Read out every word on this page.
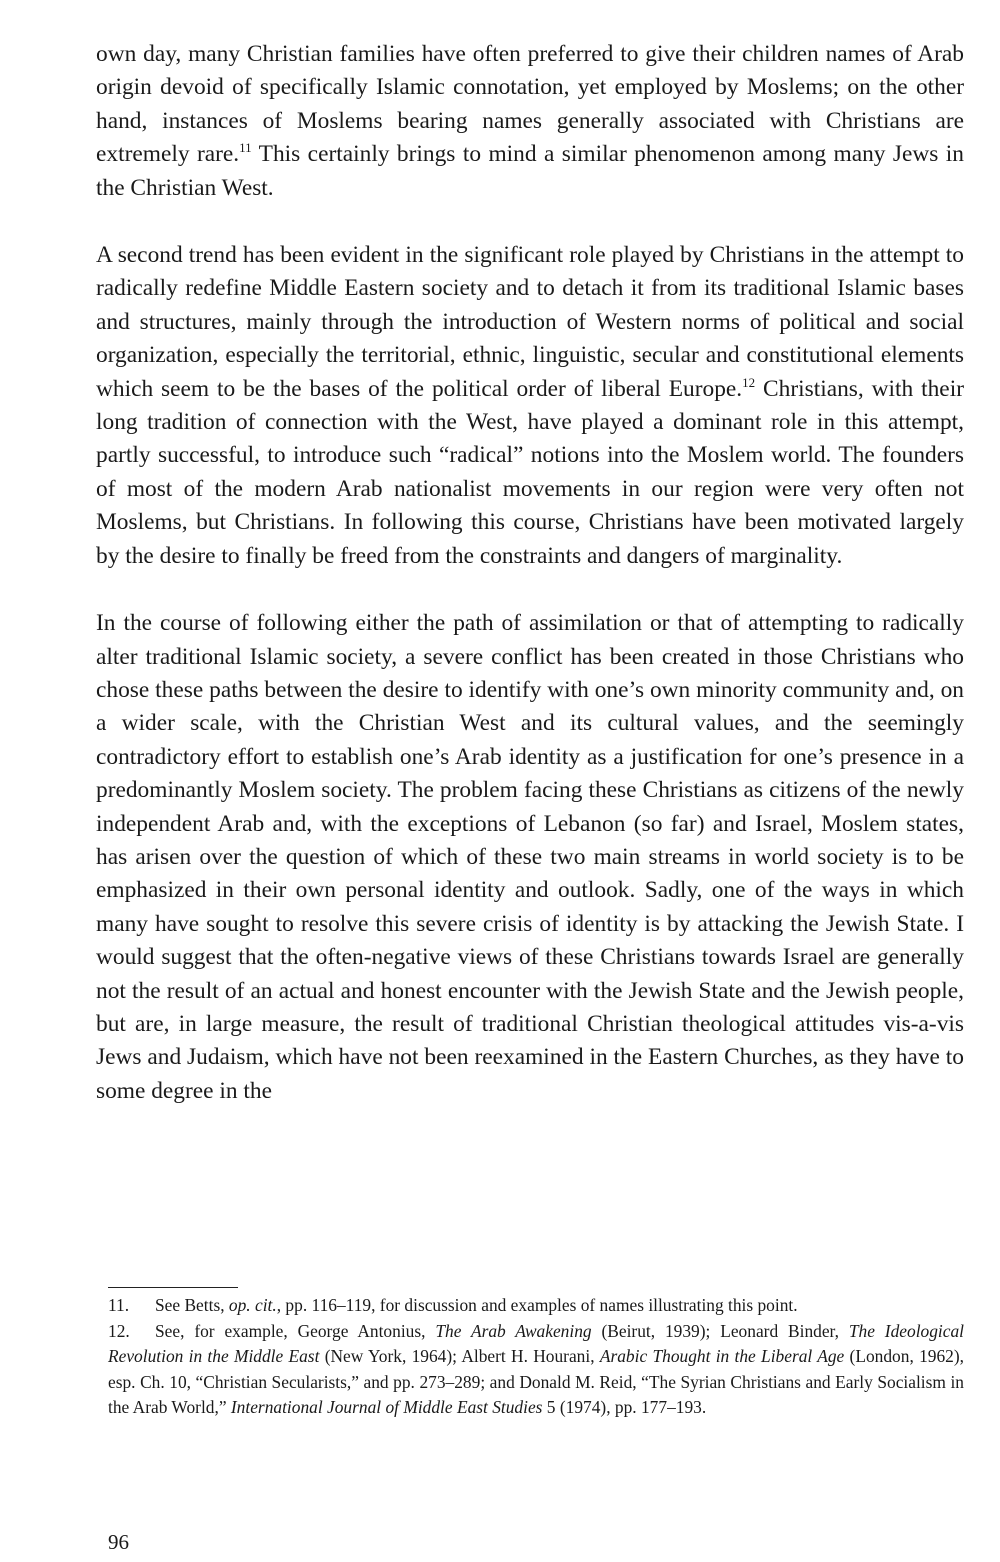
own day, many Christian families have often preferred to give their children names of Arab origin devoid of specifically Islamic connotation, yet employed by Moslems; on the other hand, instances of Moslems bearing names generally associated with Christians are extremely rare.$^{11}$ This certainly brings to mind a similar phenomenon among many Jews in the Christian West.

A second trend has been evident in the significant role played by Christians in the attempt to radically redefine Middle Eastern society and to detach it from its traditional Islamic bases and structures, mainly through the introduction of Western norms of political and social organization, especially the territorial, ethnic, linguistic, secular and constitutional elements which seem to be the bases of the political order of liberal Europe.$^{12}$ Christians, with their long tradition of connection with the West, have played a dominant role in this attempt, partly successful, to introduce such “radical” notions into the Moslem world. The founders of most of the modern Arab nationalist movements in our region were very often not Moslems, but Christians. In following this course, Christians have been motivated largely by the desire to finally be freed from the constraints and dangers of marginality.

In the course of following either the path of assimilation or that of attempting to radically alter traditional Islamic society, a severe conflict has been created in those Christians who chose these paths between the desire to identify with one’s own minority community and, on a wider scale, with the Christian West and its cultural values, and the seemingly contradictory effort to establish one’s Arab identity as a justification for one’s presence in a predominantly Moslem society. The problem facing these Christians as citizens of the newly independent Arab and, with the exceptions of Lebanon (so far) and Israel, Moslem states, has arisen over the question of which of these two main streams in world society is to be emphasized in their own personal identity and outlook. Sadly, one of the ways in which many have sought to resolve this severe crisis of identity is by attacking the Jewish State. I would suggest that the often-negative views of these Christians towards Israel are generally not the result of an actual and honest encounter with the Jewish State and the Jewish people, but are, in large measure, the result of traditional Christian theological attitudes vis-a-vis Jews and Judaism, which have not been reexamined in the Eastern Churches, as they have to some degree in the

11. See Betts, op. cit., pp. 116–119, for discussion and examples of names illustrating this point.

12. See, for example, George Antonius, The Arab Awakening (Beirut, 1939); Leonard Binder, The Ideological Revolution in the Middle East (New York, 1964); Albert H. Hourani, Arabic Thought in the Liberal Age (London, 1962), esp. Ch. 10, “Christian Secularists,” and pp. 273–289; and Donald M. Reid, “The Syrian Christians and Early Socialism in the Arab World,” International Journal of Middle East Studies 5 (1974), pp. 177–193.

96
